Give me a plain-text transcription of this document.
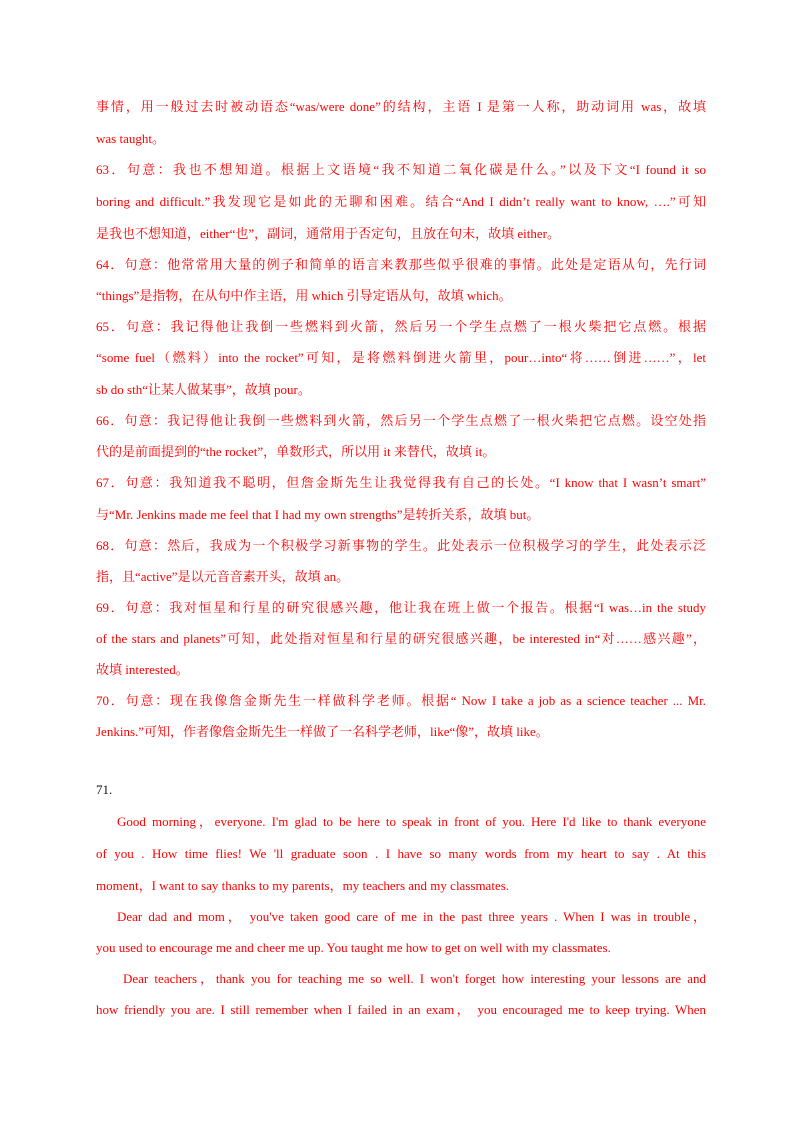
事情，用一般过去时被动语态“was/were done”的结构，主语 I 是第一人称，助动词用 was，故填
was taught。
63．句意：我也不想知道。根据上文语境“我不知道二氧化碳是什么。”以及下文“I found it so
boring and difficult.”我发现它是如此的无聊和困难。结合“And I didn’t really want to know, ….”可知
是我也不想知道，either“也”，副词，通常用于否定句，且放在句末，故填 either。
64．句意：他常常用大量的例子和简单的语言来教那些似乎很难的事情。此处是定语从句，先行词
“things”是指物，在从句中作主语，用 which 引导定语从句，故填 which。
65．句意：我记得他让我倒一些燃料到火箭，然后另一个学生点燃了一根火柴把它点燃。根据
“some fuel（燃料）into the rocket”可知，是将燃料倒进火箭里，pour…into“将……倒进……”，let
sb do sth“让某人做某事”，故填 pour。
66．句意：我记得他让我倒一些燃料到火箭，然后另一个学生点燃了一根火柴把它点燃。设空处指
代的是前面提到的“the rocket”，单数形式，所以用 it 来替代，故填 it。
67．句意：我知道我不聪明，但詹金斯先生让我觉得我有自己的长处。“I know that I wasn’t smart”
与“Mr. Jenkins made me feel that I had my own strengths”是转折关系，故填 but。
68．句意：然后，我成为一个积极学习新事物的学生。此处表示一位积极学习的学生，此处表示泛
指，且“active”是以元音音素开头，故填 an。
69．句意：我对恒星和行星的研究很感兴趣，他让我在班上做一个报告。根据“I was…in the study
of the stars and planets”可知，此处指对恒星和行星的研究很感兴趣，be interested in“对……感兴趣”，
故填 interested。
70．句意：现在我像詹金斯先生一样做科学老师。根据“ Now I take a job as a science teacher ... Mr.
Jenkins.”可知，作者像詹金斯先生一样做了一名科学老师，like“像”，故填 like。
71.
Good morning，everyone. I'm glad to be here to speak in front of you. Here I'd like to thank everyone
of you . How time flies! We 'll graduate soon . I have so many words from my heart to say . At this
moment，I want to say thanks to my parents，my teachers and my classmates.
Dear dad and mom， you've taken good care of me in the past three years . When I was in trouble，
you used to encourage me and cheer me up. You taught me how to get on well with my classmates.
Dear teachers，thank you for teaching me so well. I won't forget how interesting your lessons are and
how friendly you are. I still remember when I failed in an exam， you encouraged me to keep trying. When
